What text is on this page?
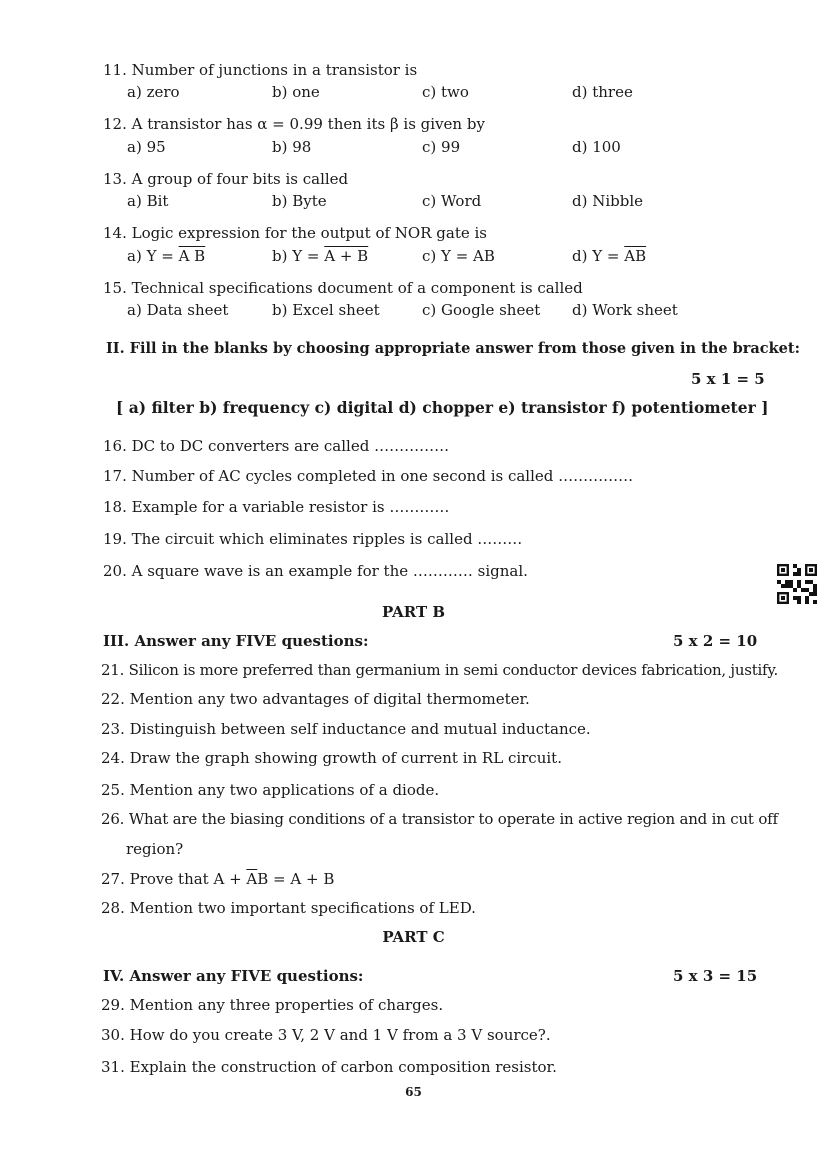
11. Number of junctions in a transistor is
a) zero	b) one	c) two	d) three
12. A transistor has α = 0.99 then its β is given by
a) 95	b) 98	c) 99	d) 100
13. A group of four bits is called
a) Bit	b) Byte	c) Word	d) Nibble
14. Logic expression for the output of NOR gate is
a) Y = A B	b) Y = A + B	c) Y = AB	d) $Y = \overline{AB}$
15. Technical specifications document of a component is called
a) Data sheet	b) Excel sheet	c) Google sheet d) Work sheet
II. Fill in the blanks by choosing appropriate answer from those given in the bracket:
5 x 1 = 5
[ a) filter b) frequency c) digital d) chopper e) transistor f) potentiometer ]
16. DC to DC converters are called ……………
17. Number of AC cycles completed in one second is called ……………
18. Example for a variable resistor is …………
19. The circuit which eliminates ripples is called ………
20. A square wave is an example for the ………… signal.
PART B
III. Answer any FIVE questions:	5 x 2 = 10
21. Silicon is more preferred than germanium in semi conductor devices fabrication, justify.
22. Mention any two advantages of digital thermometer.
23. Distinguish between self inductance and mutual inductance.
24. Draw the graph showing growth of current in RL circuit.
25. Mention any two applications of a diode.
26. What are the biasing conditions of a transistor to operate in active region and in cut off
region?
27. Prove that $A + \overline{A}B = A + B$
28. Mention two important specifications of LED.
PART C
IV. Answer any FIVE questions:	5 x 3 = 15
29. Mention any three properties of charges.
30. How do you create 3 V, 2 V and 1 V from a 3 V source?.
31. Explain the construction of carbon composition resistor.
65
